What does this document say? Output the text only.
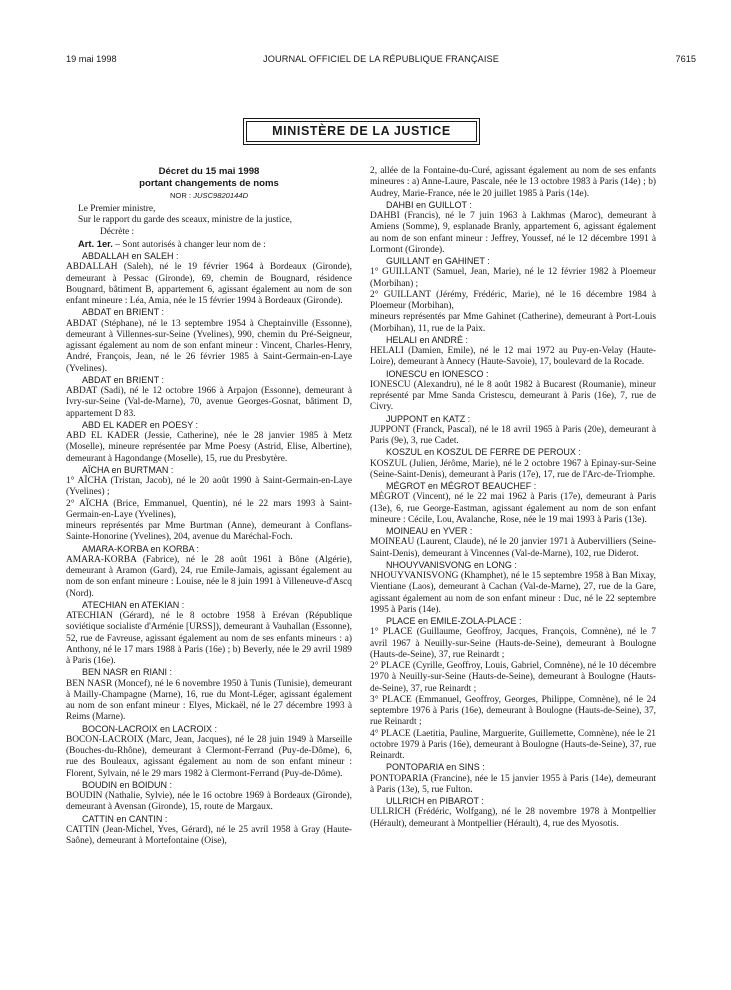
19 mai 1998	JOURNAL OFFICIEL DE LA RÉPUBLIQUE FRANÇAISE	7615
MINISTÈRE DE LA JUSTICE
Décret du 15 mai 1998
portant changements de noms
NOR : JUSC9820144D

Le Premier ministre,

Sur le rapport du garde des sceaux, ministre de la justice,

Décrète :

Art. 1er. – Sont autorisés à changer leur nom de :

ABDALLAH en SALEH :

ABDALLAH (Saleh), né le 19 février 1964 à Bordeaux (Gironde), demeurant à Pessac (Gironde), 69, chemin de Bougnard, résidence Bougnard, bâtiment B, appartement 6, agissant également au nom de son enfant mineure : Léa, Amia, née le 15 février 1994 à Bordeaux (Gironde).

ABDAT en BRIENT :

ABDAT (Stéphane), né le 13 septembre 1954 à Cheptainville (Essonne), demeurant à Villennes-sur-Seine (Yvelines), 990, chemin du Pré-Seigneur, agissant également au nom de son enfant mineur : Vincent, Charles-Henry, André, François, Jean, né le 26 février 1985 à Saint-Germain-en-Laye (Yvelines).

ABDAT en BRIENT :

ABDAT (Sadi), né le 12 octobre 1966 à Arpajon (Essonne), demeurant à Ivry-sur-Seine (Val-de-Marne), 70, avenue Georges-Gosnat, bâtiment D, appartement D 83.

ABD EL KADER en POESY :

ABD EL KADER (Jessie, Catherine), née le 28 janvier 1985 à Metz (Moselle), mineure représentée par Mme Poesy (Astrid, Elise, Albertine), demeurant à Hagondange (Moselle), 15, rue du Presbytère.

AÏCHA en BURTMAN :

1° AÏCHA (Tristan, Jacob), né le 20 août 1990 à Saint-Germain-en-Laye (Yvelines) ;

2° AÏCHA (Brice, Emmanuel, Quentin), né le 22 mars 1993 à Saint-Germain-en-Laye (Yvelines),

mineurs représentés par Mme Burtman (Anne), demeurant à Conflans-Sainte-Honorine (Yvelines), 204, avenue du Maréchal-Foch.

AMARA-KORBA en KORBA :

AMARA-KORBA (Fabrice), né le 28 août 1961 à Bône (Algérie), demeurant à Aramon (Gard), 24, rue Emile-Jamais, agissant également au nom de son enfant mineure : Louise, née le 8 juin 1991 à Villeneuve-d'Ascq (Nord).

ATECHIAN en ATEKIAN :

ATECHIAN (Gérard), né le 8 octobre 1958 à Erévan (République soviétique socialiste d'Arménie [URSS]), demeurant à Vauhallan (Essonne), 52, rue de Favreuse, agissant également au nom de ses enfants mineurs : a) Anthony, né le 17 mars 1988 à Paris (16e) ; b) Beverly, née le 29 avril 1989 à Paris (16e).

BEN NASR en RIANI :

BEN NASR (Moncef), né le 6 novembre 1950 à Tunis (Tunisie), demeurant à Mailly-Champagne (Marne), 16, rue du Mont-Léger, agissant également au nom de son enfant mineur : Elyes, Mickaël, né le 27 décembre 1993 à Reims (Marne).

BOCON-LACROIX en LACROIX :

BOCON-LACROIX (Marc, Jean, Jacques), né le 28 juin 1949 à Marseille (Bouches-du-Rhône), demeurant à Clermont-Ferrand (Puy-de-Dôme), 6, rue des Bouleaux, agissant également au nom de son enfant mineur : Florent, Sylvain, né le 29 mars 1982 à Clermont-Ferrand (Puy-de-Dôme).

BOUDIN en BOIDUN :

BOUDIN (Nathalie, Sylvie), née le 16 octobre 1969 à Bordeaux (Gironde), demeurant à Avensan (Gironde), 15, route de Margaux.

CATTIN en CANTIN :

CATTIN (Jean-Michel, Yves, Gérard), né le 25 avril 1958 à Gray (Haute-Saône), demeurant à Mortefontaine (Oise),

2, allée de la Fontaine-du-Curé, agissant également au nom de ses enfants mineures : a) Anne-Laure, Pascale, née le 13 octobre 1983 à Paris (14e) ; b) Audrey, Marie-France, née le 20 juillet 1985 à Paris (14e).

DAHBI en GUILLOT :

DAHBI (Francis), né le 7 juin 1963 à Lakhmas (Maroc), demeurant à Amiens (Somme), 9, esplanade Branly, appartement 6, agissant également au nom de son enfant mineur : Jeffrey, Youssef, né le 12 décembre 1991 à Lormont (Gironde).

GUILLANT en GAHINET :

1° GUILLANT (Samuel, Jean, Marie), né le 12 février 1982 à Ploemeur (Morbihan) ;

2° GUILLANT (Jérémy, Frédéric, Marie), né le 16 décembre 1984 à Ploemeur (Morbihan),

mineurs représentés par Mme Gahinet (Catherine), demeurant à Port-Louis (Morbihan), 11, rue de la Paix.

HELALI en ANDRÉ :

HELALI (Damien, Emile), né le 12 mai 1972 au Puy-en-Velay (Haute-Loire), demeurant à Annecy (Haute-Savoie), 17, boulevard de la Rocade.

IONESCU en IONESCO :

IONESCU (Alexandru), né le 8 août 1982 à Bucarest (Roumanie), mineur représenté par Mme Sanda Cristescu, demeurant à Paris (16e), 7, rue de Civry.

JUPPONT en KATZ :

JUPPONT (Franck, Pascal), né le 18 avril 1965 à Paris (20e), demeurant à Paris (9e), 3, rue Cadet.

KOSZUL en KOSZUL DE FERRE DE PEROUX :

KOSZUL (Julien, Jérôme, Marie), né le 2 octobre 1967 à Epinay-sur-Seine (Seine-Saint-Denis), demeurant à Paris (17e), 17, rue de l'Arc-de-Triomphe.

MÉGROT en MÉGROT BEAUCHEF :

MÉGROT (Vincent), né le 22 mai 1962 à Paris (17e), demeurant à Paris (13e), 6, rue George-Eastman, agissant également au nom de son enfant mineure : Cécile, Lou, Avalanche, Rose, née le 19 mai 1993 à Paris (13e).

MOINEAU en YVER :

MOINEAU (Laurent, Claude), né le 20 janvier 1971 à Aubervilliers (Seine-Saint-Denis), demeurant à Vincennes (Val-de-Marne), 102, rue Diderot.

NHOUYVANISVONG en LONG :

NHOUYVANISVONG (Khamphet), né le 15 septembre 1958 à Ban Mixay, Vientiane (Laos), demeurant à Cachan (Val-de-Marne), 27, rue de la Gare, agissant également au nom de son enfant mineur : Duc, né le 22 septembre 1995 à Paris (14e).

PLACE en EMILE-ZOLA-PLACE :

1° PLACE (Guillaume, Geoffroy, Jacques, François, Comnène), né le 7 avril 1967 à Neuilly-sur-Seine (Hauts-de-Seine), demeurant à Boulogne (Hauts-de-Seine), 37, rue Reinardt ;

2° PLACE (Cyrille, Geoffroy, Louis, Gabriel, Comnène), né le 10 décembre 1970 à Neuilly-sur-Seine (Hauts-de-Seine), demeurant à Boulogne (Hauts-de-Seine), 37, rue Reinardt ;

3° PLACE (Emmanuel, Geoffroy, Georges, Philippe, Comnène), né le 24 septembre 1976 à Paris (16e), demeurant à Boulogne (Hauts-de-Seine), 37, rue Reinardt ;

4° PLACE (Laetitia, Pauline, Marguerite, Guillemette, Comnène), née le 21 octobre 1979 à Paris (16e), demeurant à Boulogne (Hauts-de-Seine), 37, rue Reinardt.

PONTOPARIA en SINS :

PONTOPARIA (Francine), née le 15 janvier 1955 à Paris (14e), demeurant à Paris (13e), 5, rue Fulton.

ULLRICH en PIBAROT :

ULLRICH (Frédéric, Wolfgang), né le 28 novembre 1978 à Montpellier (Hérault), demeurant à Montpellier (Hérault), 4, rue des Myosotis.
